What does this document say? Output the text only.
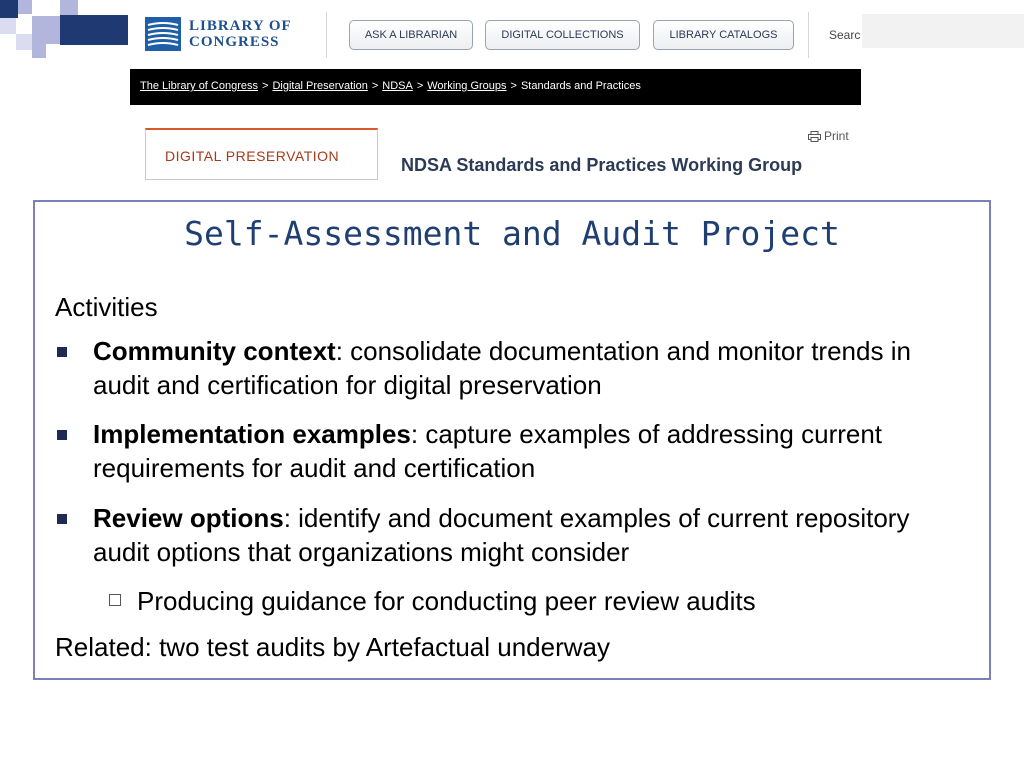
LIBRARY OF
CONGRESS	ASK A LIBRARIAN	DIGITAL COLLECTIONS	LIBRARY CATALOGS	Searc
The Library of Congress > Digital Preservation > NDSA > Working Groups > Standards and Practices
DIGITAL PRESERVATION
Print
NDSA Standards and Practices Working Group
Self-Assessment and Audit Project
Activities
Community context: consolidate documentation and monitor trends in audit and certification for digital preservation
Implementation examples: capture examples of addressing current requirements for audit and certification
Review options: identify and document examples of current repository audit options that organizations might consider
Producing guidance for conducting peer review audits
Related: two test audits by Artefactual underway
